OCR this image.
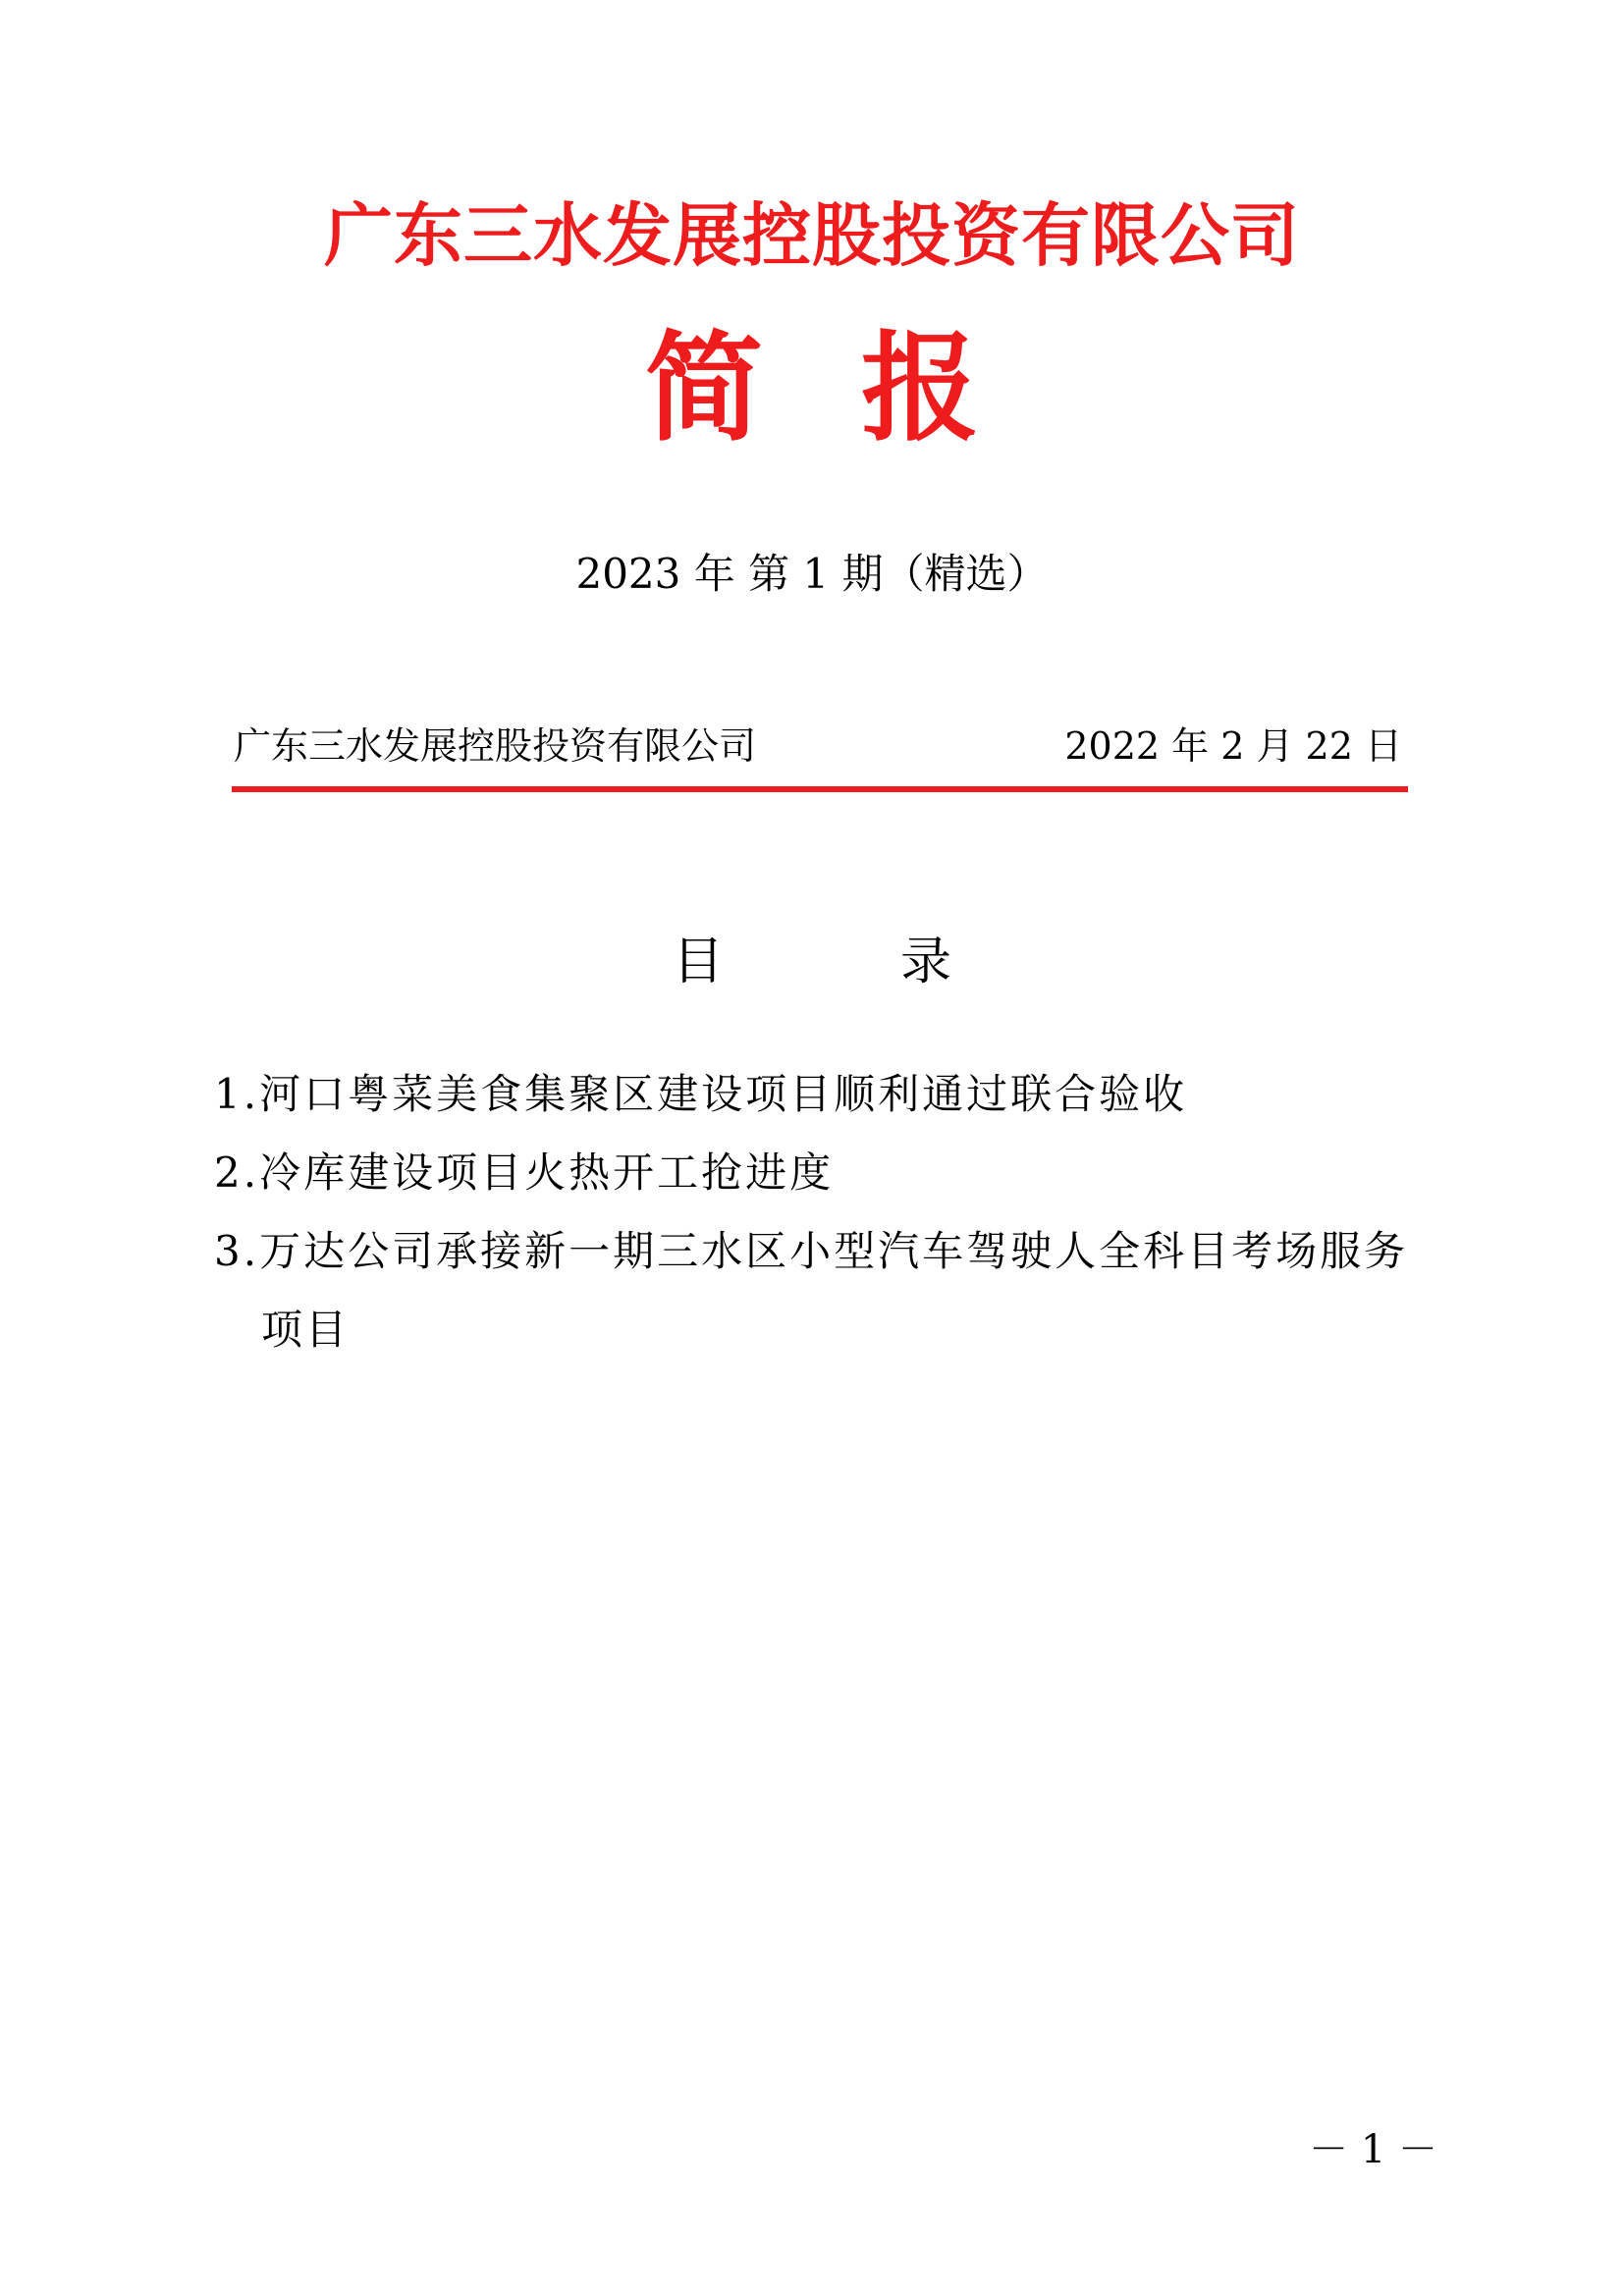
广东三水发展控股投资有限公司
简报
2023 年 第 1 期（精选）
广东三水发展控股投资有限公司	2022 年 2 月 22 日
目录
1.河口粤菜美食集聚区建设项目顺利通过联合验收
2.冷库建设项目火热开工抢进度
3.万达公司承接新一期三水区小型汽车驾驶人全科目考场服务项目
－ 1 －
